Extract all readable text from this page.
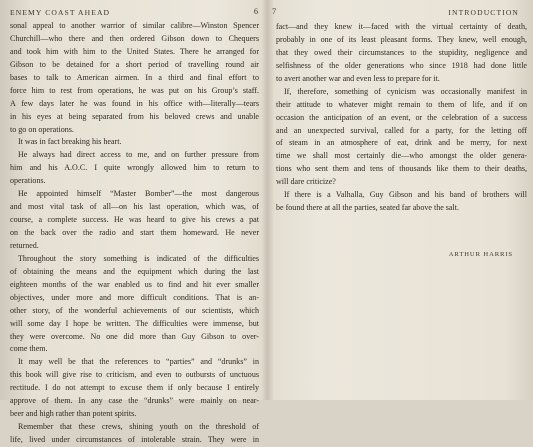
ENEMY COAST AHEAD	6
sonal appeal to another warrior of similar calibre—Winston Spencer
Churchill—who there and then ordered Gibson down to Chequers
and took him with him to the United States. There he arranged for
Gibson to be detained for a short period of travelling round air
bases to talk to American airmen. In a third and final effort to
force him to rest from operations, he was put on his Group’s staff.
A few days later he was found in his office with—literally—tears
in his eyes at being separated from his beloved crews and unable
to go on operations.
It was in fact breaking his heart.
He always had direct access to me, and on further pressure from
him and his A.O.C. I quite wrongly allowed him to return to
operations.
He appointed himself “Master Bomber”—the most dangerous
and most vital task of all—on his last operation, which was, of
course, a complete success. He was heard to give his crews a pat
on the back over the radio and start them homeward. He never
returned.
Throughout the story something is indicated of the difficulties
of obtaining the means and the equipment which during the last
eighteen months of the war enabled us to find and hit ever smaller
objectives, under more and more difficult conditions. That is an-
other story, of the wonderful achievements of our scientists, which
will some day I hope be written. The difficulties were immense, but
they were overcome. No one did more than Guy Gibson to over-
come them.
It may well be that the references to “parties” and “drunks” in
this book will give rise to criticism, and even to outbursts of unctuous
rectitude. I do not attempt to excuse them if only because I entirely
approve of them. In any case the “drunks” were mainly on near-
beer and high rather than potent spirits.
Remember that these crews, shining youth on the threshold of
life, lived under circumstances of intolerable strain. They were in
7	INTRODUCTION
fact—and they knew it—faced with the virtual certainty of death,
probably in one of its least pleasant forms. They knew, well enough,
that they owed their circumstances to the stupidity, negligence and
selfishness of the older generations who since 1918 had done little
to avert another war and even less to prepare for it.
If, therefore, something of cynicism was occasionally manifest in
their attitude to whatever might remain to them of life, and if on
occasion the anticipation of an event, or the celebration of a success
and an unexpected survival, called for a party, for the letting off
of steam in an atmosphere of eat, drink and be merry, for next
time we shall most certainly die—who amongst the older genera-
tions who sent them and tens of thousands like them to their deaths,
will dare criticize?
If there is a Valhalla, Guy Gibson and his band of brothers will
be found there at all the parties, seated far above the salt.
ARTHUR HARRIS
